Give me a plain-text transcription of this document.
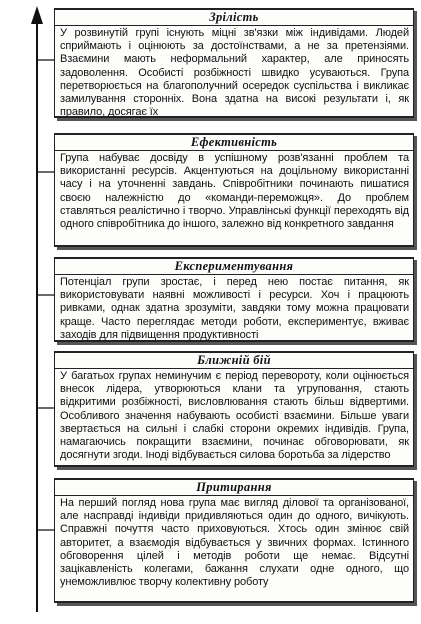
Зрілість
У розвинутій групі існують міцні зв'язки між індивідами. Людей сприймають і оцінюють за достоїнствами, а не за претензіями. Взаємини мають неформальний характер, але приносять задоволення. Особисті розбіжності швидко усуваються. Група перетворюється на благополучний осередок суспільства і викликає замилування сторонніх. Вона здатна на високі результати і, як правило, досягає їх
Ефективність
Група набуває досвіду в успішному розв'язанні проблем та використанні ресурсів. Акцентуються на доцільному використанні часу і на уточненні завдань. Співробітники починають пишатися своєю належністю до «команди-переможця». До проблем ставляться реалістично і творчо. Управлінські функції переходять від одного співробітника до іншого, залежно від конкретного завдання
Експериментування
Потенціал групи зростає, і перед нею постає питання, як використовувати наявні можливості і ресурси. Хоч і працюють ривками, однак здатна зрозуміти, завдяки тому можна працювати краще. Часто переглядає методи роботи, експериментує, вживає заходів для підвищення продуктивності
Ближній бій
У багатьох групах неминучим є період перевороту, коли оцінюється внесок лідера, утворюються клани та угруповання, стають відкритими розбіжності, висловлювання стають більш відвертими. Особливого значення набувають особисті взаємини. Більше уваги звертається на сильні і слабкі сторони окремих індивідів. Група, намагаючись покращити взаємини, починає обговорювати, як досягнути згоди. Іноді відбувається силова боротьба за лідерство
Притирання
На перший погляд нова група має вигляд ділової та організованої, але насправді індивіди придивляються один до одного, вичікують. Справжні почуття часто приховуються. Хтось один змінює свій авторитет, а взаємодія відбувається у звичних формах. Істинного обговорення цілей і методів роботи ще немає. Відсутні зацікавленість колегами, бажання слухати одне одного, що унеможливлює творчу колективну роботу
